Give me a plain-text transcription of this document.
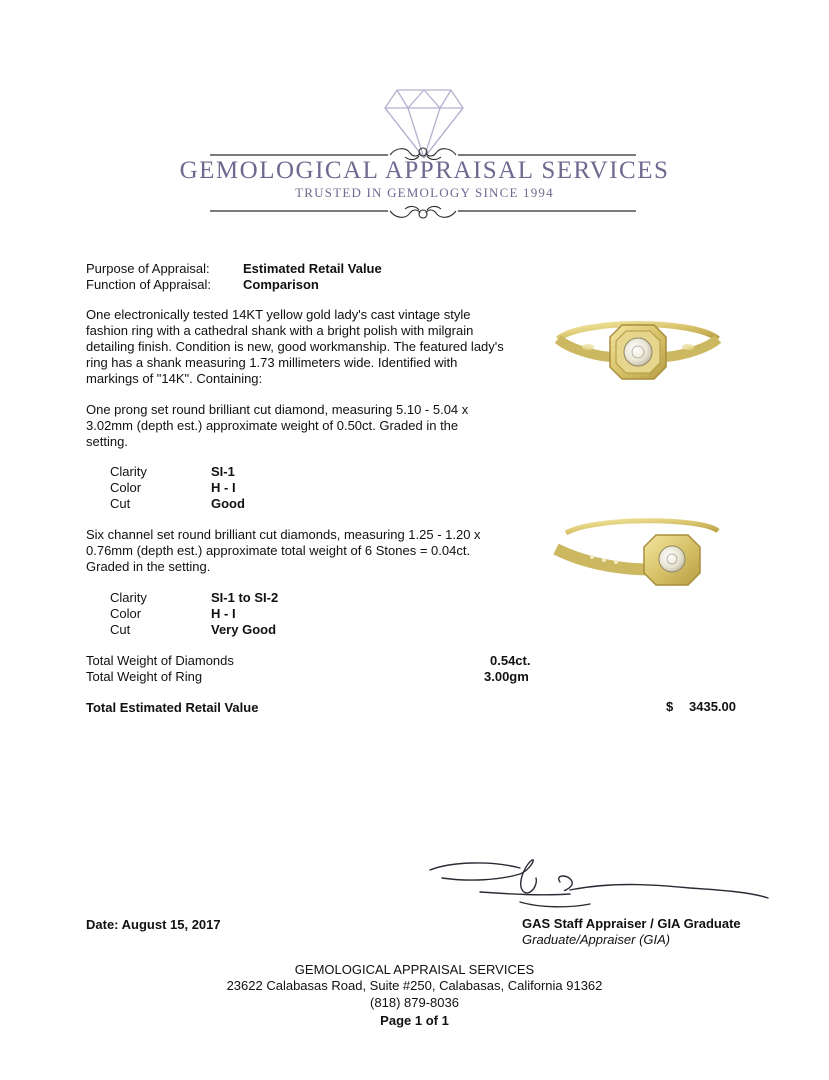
GEMOLOGICAL APPRAISAL SERVICES
TRUSTED IN GEMOLOGY SINCE 1994
Purpose of Appraisal:	Estimated Retail Value
Function of Appraisal: Comparison
One electronically tested 14KT yellow gold lady's cast vintage style fashion ring with a cathedral shank with a bright polish with milgrain detailing finish. Condition is new, good workmanship. The featured lady's ring has a shank measuring 1.73 millimeters wide. Identified with markings of "14K". Containing:
One prong set round brilliant cut diamond, measuring 5.10 - 5.04 x 3.02mm (depth est.) approximate weight of 0.50ct. Graded in the setting.
Clarity	SI-1
Color	H - I
Cut	Good
Six channel set round brilliant cut diamonds, measuring 1.25 - 1.20 x 0.76mm (depth est.) approximate total weight of 6 Stones = 0.04ct. Graded in the setting.
Clarity	SI-1 to SI-2
Color	H - I
Cut	Very Good
Total Weight of Diamonds	0.54ct.
Total Weight of Ring	3.00gm
Total Estimated Retail Value	$ 3435.00
GAS Staff Appraiser / GIA Graduate
Graduate/Appraiser (GIA)
Date: August 15, 2017
GEMOLOGICAL APPRAISAL SERVICES
23622 Calabasas Road, Suite #250, Calabasas, California 91362
(818) 879-8036
Page 1 of 1
